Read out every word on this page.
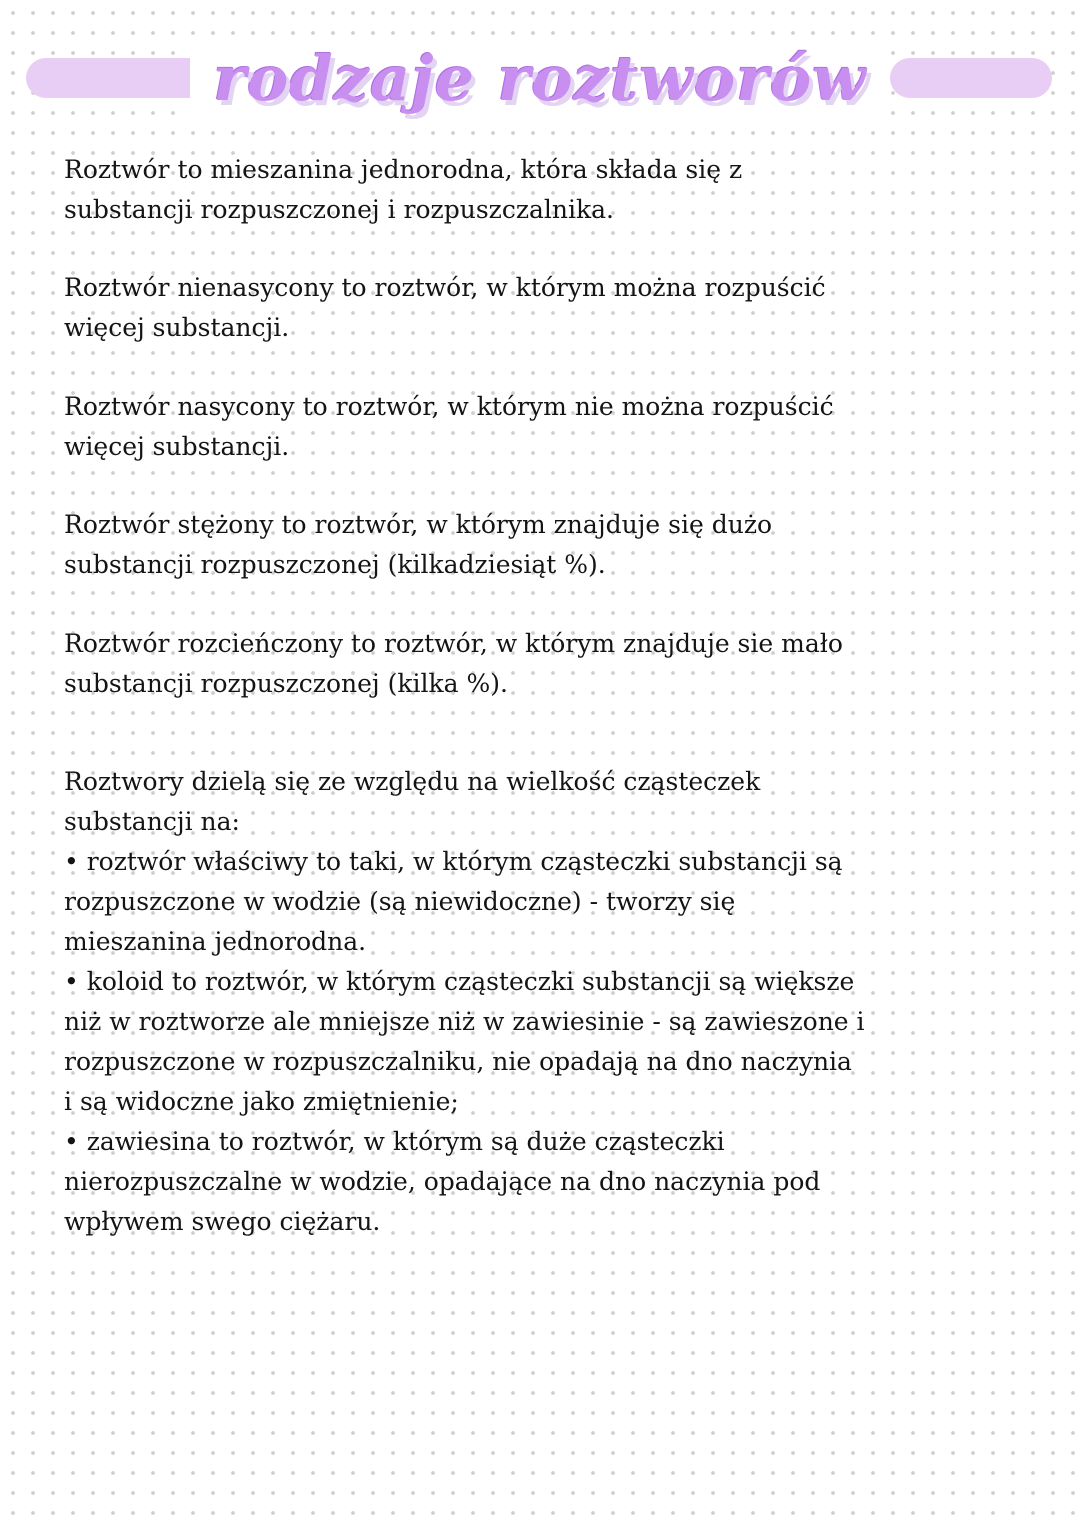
rodzaje roztworów
Roztwór to mieszanina jednorodna, która składa się z
substancji rozpuszczonej i rozpuszczalnika.
Roztwór nienasycony to roztwór, w którym można rozpuścić
więcej substancji.
Roztwór nasycony to roztwór, w którym nie można rozpuścić
więcej substancji.
Roztwór stężony to roztwór, w którym znajduje się dużo
substancji rozpuszczonej (kilkadziesiąt %).
Roztwór rozcieńczony to roztwór, w którym znajduje sie mało
substancji rozpuszczonej (kilka %).
Roztwory dzielą się ze względu na wielkość cząsteczek
substancji na:
• roztwór właściwy to taki, w którym cząsteczki substancji są
rozpuszczone w wodzie (są niewidoczne) - tworzy się
mieszanina jednorodna.
• koloid to roztwór, w którym cząsteczki substancji są większe
niż w roztworze ale mniejsze niż w zawiesinie - są zawieszone i
rozpuszczone w rozpuszczalniku, nie opadają na dno naczynia
i są widoczne jako zmiętnienie;
• zawiesina to roztwór, w którym są duże cząsteczki
nierozpuszczalne w wodzie, opadające na dno naczynia pod
wpływem swego ciężaru.
